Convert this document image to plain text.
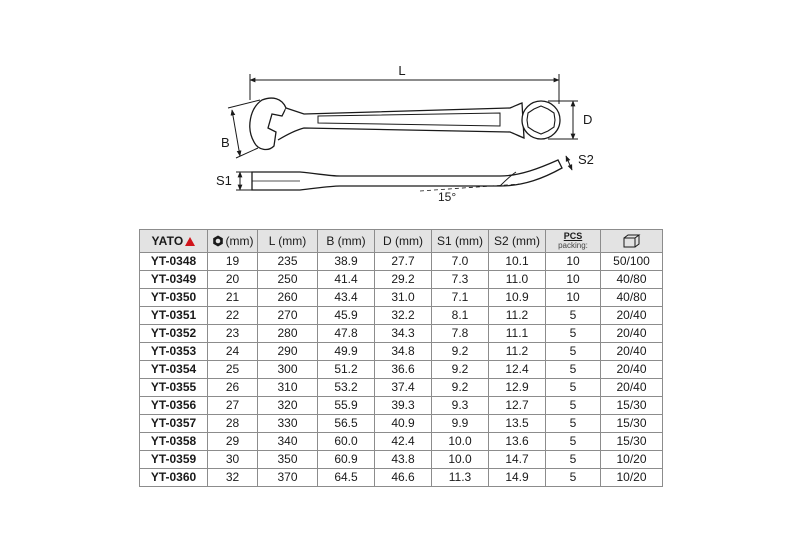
L
D
B
S1
S2
15°
YATO	(mm)	L (mm)	B (mm)	D (mm)	S1 (mm)	S2 (mm)	PCS
packing:

YT-0348	19	235	38.9	27.7	7.0	10.1	10	50/100
YT-0349	20	250	41.4	29.2	7.3	11.0	10	40/80
YT-0350	21	260	43.4	31.0	7.1	10.9	10	40/80
YT-0351	22	270	45.9	32.2	8.1	11.2	5	20/40
YT-0352	23	280	47.8	34.3	7.8	11.1	5	20/40
YT-0353	24	290	49.9	34.8	9.2	11.2	5	20/40
YT-0354	25	300	51.2	36.6	9.2	12.4	5	20/40
YT-0355	26	310	53.2	37.4	9.2	12.9	5	20/40
YT-0356	27	320	55.9	39.3	9.3	12.7	5	15/30
YT-0357	28	330	56.5	40.9	9.9	13.5	5	15/30
YT-0358	29	340	60.0	42.4	10.0	13.6	5	15/30
YT-0359	30	350	60.9	43.8	10.0	14.7	5	10/20
YT-0360	32	370	64.5	46.6	11.3	14.9	5	10/20
